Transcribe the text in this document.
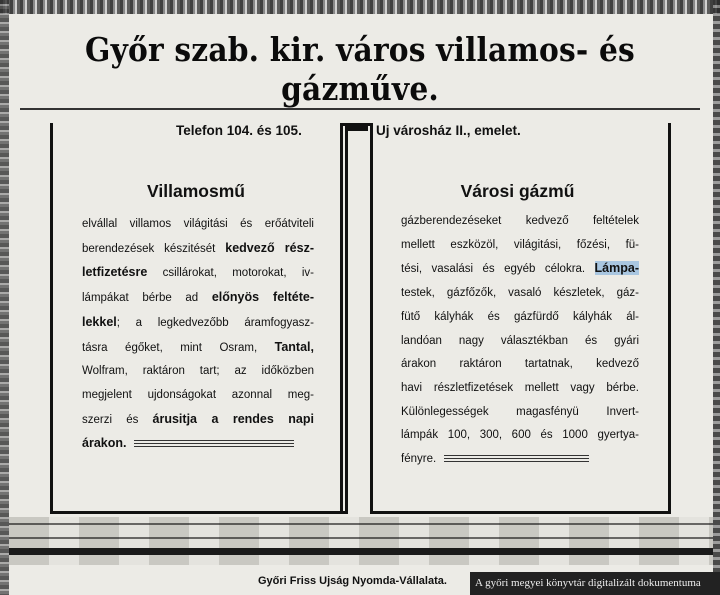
Győr szab. kir. város villamos- és gázműve.
Telefon 104. és 105.	Uj városház II., emelet.
Villamosmű	Városi gázmű
elvállal villamos világitási és erőátviteli
berendezések készitését kedvező rész-
letfizetésre csillárokat, motorokat, iv-
lámpákat bérbe ad előnyös feltéte-
lekkel; a legkedvezőbb áramfogyasz-
tásra égőket, mint Osram, Tantal,
Wolfram, raktáron tart; az időközben
megjelent ujdonságokat azonnal meg-
szerzi és árusitja a rendes napi
árakon.
gázberendezéseket kedvező feltételek
mellett eszközöl, világitási, főzési, fü-
tési, vasalási és egyéb célokra. Lámpa-
testek, gázfőzők, vasaló készletek, gáz-
fütő kályhák és gázfürdő kályhák ál-
landóan nagy választékban és gyári
árakon raktáron tartatnak, kedvező
havi részletfizetések mellett vagy bérbe.
Különlegességek magasfényü Invert-
lámpák 100, 300, 600 és 1000 gyertya-
fényre.
Győri Friss Ujság Nyomda-Vállalata.	A győri megyei könyvtár digitalizált dokumentuma
